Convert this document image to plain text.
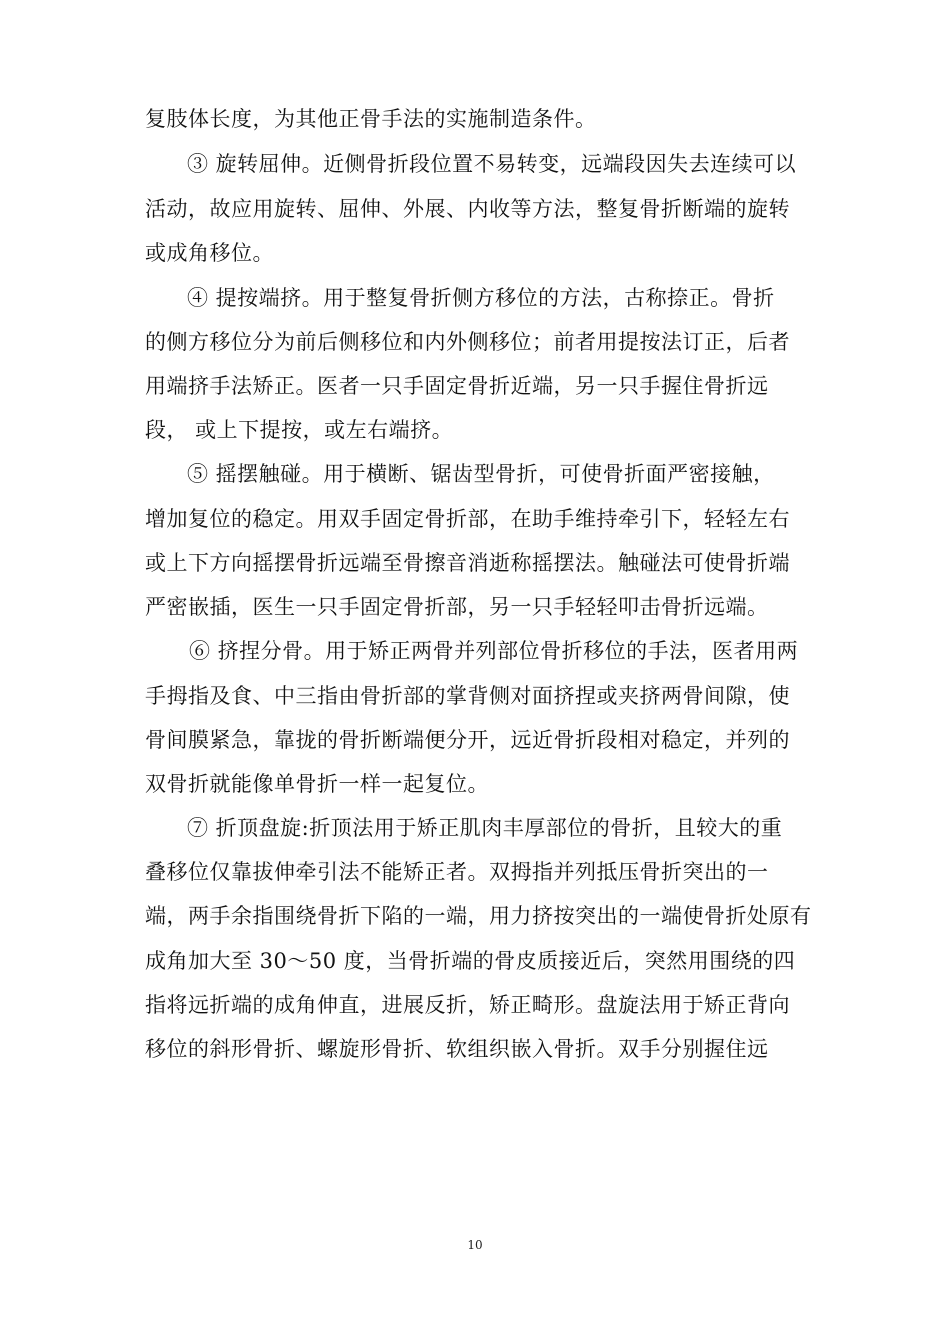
复肢体长度，为其他正骨手法的实施制造条件。
③ 旋转屈伸。近侧骨折段位置不易转变，远端段因失去连续可以
活动，故应用旋转、屈伸、外展、内收等方法，整复骨折断端的旋转
或成角移位。
④ 提按端挤。用于整复骨折侧方移位的方法，古称捺正。骨折
的侧方移位分为前后侧移位和内外侧移位；前者用提按法订正，后者
用端挤手法矫正。医者一只手固定骨折近端，另一只手握住骨折远
段， 或上下提按，或左右端挤。
⑤ 摇摆触碰。用于横断、锯齿型骨折，可使骨折面严密接触，
增加复位的稳定。用双手固定骨折部，在助手维持牵引下，轻轻左右
或上下方向摇摆骨折远端至骨擦音消逝称摇摆法。触碰法可使骨折端
严密嵌插，医生一只手固定骨折部，另一只手轻轻叩击骨折远端。
⑥ 挤捏分骨。用于矫正两骨并列部位骨折移位的手法，医者用两
手拇指及食、中三指由骨折部的掌背侧对面挤捏或夹挤两骨间隙，使
骨间膜紧急，靠拢的骨折断端便分开，远近骨折段相对稳定，并列的
双骨折就能像单骨折一样一起复位。
⑦ 折顶盘旋:折顶法用于矫正肌肉丰厚部位的骨折，且较大的重
叠移位仅靠拔伸牵引法不能矫正者。双拇指并列抵压骨折突出的一
端，两手余指围绕骨折下陷的一端，用力挤按突出的一端使骨折处原有
成角加大至 30～50 度，当骨折端的骨皮质接近后，突然用围绕的四
指将远折端的成角伸直，进展反折，矫正畸形。盘旋法用于矫正背向
移位的斜形骨折、螺旋形骨折、软组织嵌入骨折。双手分别握住远
10
